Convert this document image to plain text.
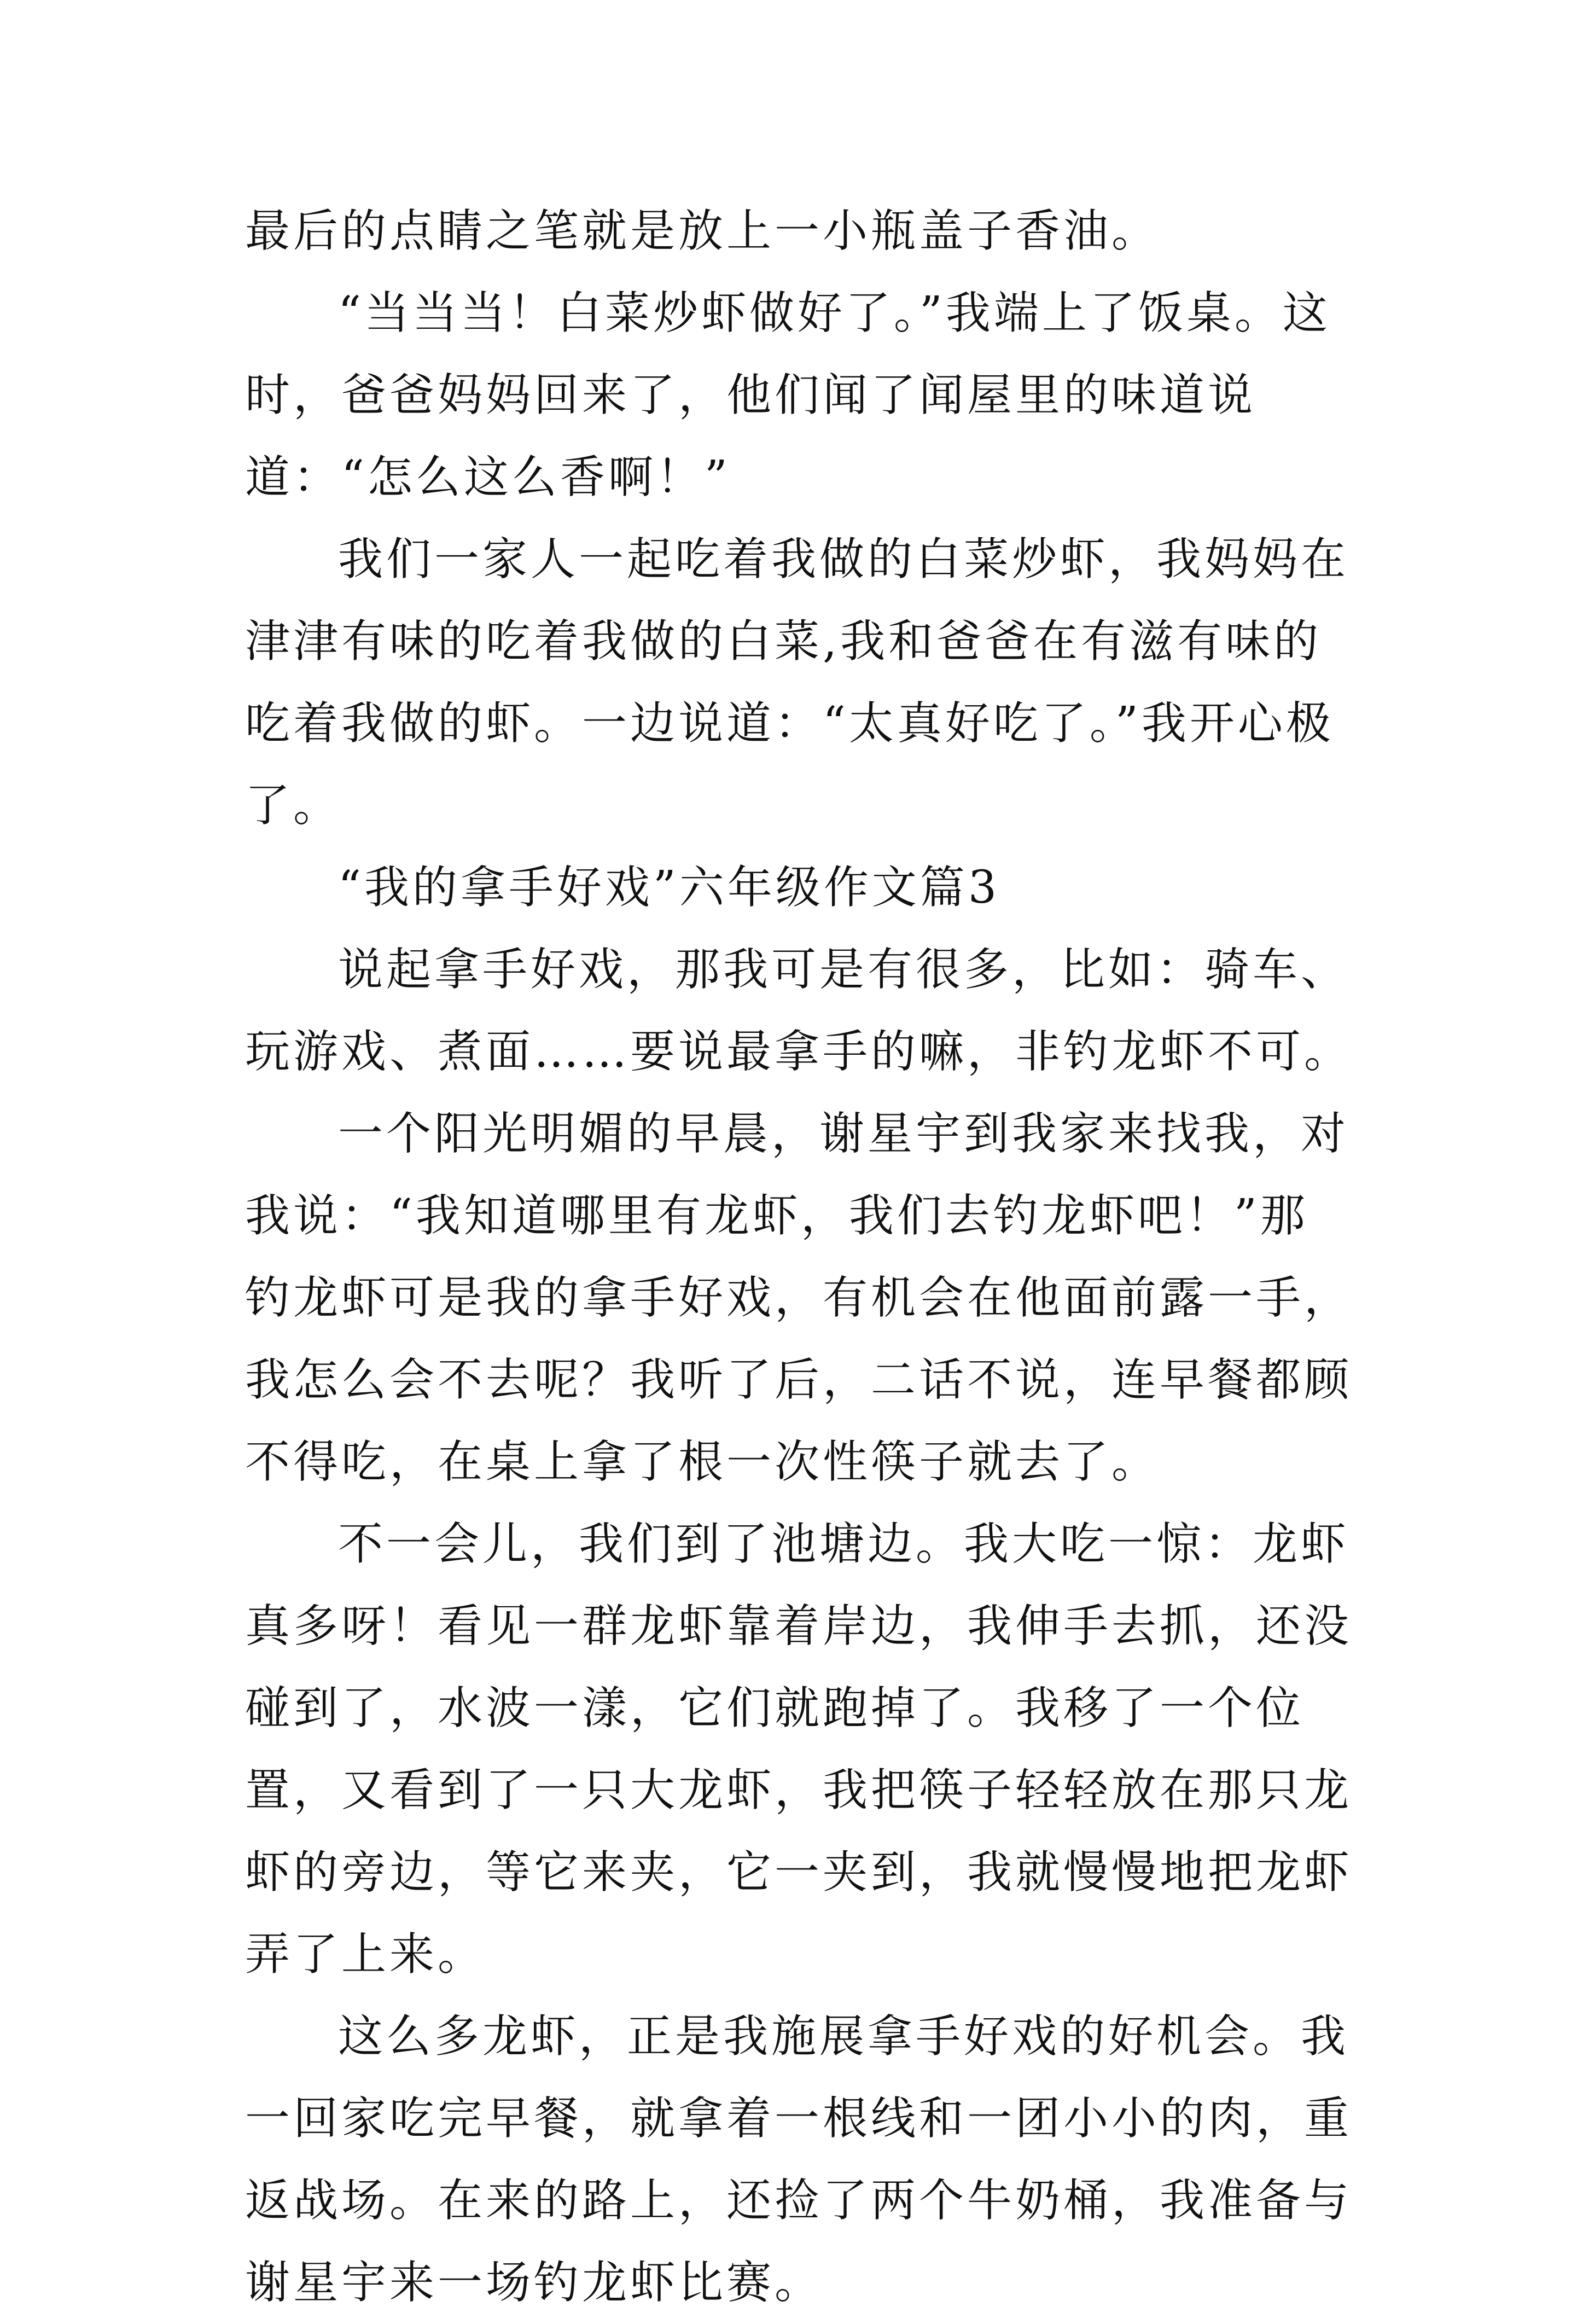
最后的点睛之笔就是放上一小瓶盖子香油。

“当当当！白菜炒虾做好了。”我端上了饭桌。这时，爸爸妈妈回来了，他们闻了闻屋里的味道说道：“怎么这么香啊！”

我们一家人一起吃着我做的白菜炒虾，我妈妈在津津有味的吃着我做的白菜,我和爸爸在有滋有味的吃着我做的虾。一边说道：“太真好吃了。”我开心极了。

“我的拿手好戏”六年级作文篇3

说起拿手好戏，那我可是有很多，比如：骑车、玩游戏、煮面……要说最拿手的嘛，非钓龙虾不可。

一个阳光明媚的早晨，谢星宇到我家来找我，对我说：“我知道哪里有龙虾，我们去钓龙虾吧！”那钓龙虾可是我的拿手好戏，有机会在他面前露一手，我怎么会不去呢？我听了后，二话不说，连早餐都顾不得吃，在桌上拿了根一次性筷子就去了。

不一会儿，我们到了池塘边。我大吃一惊：龙虾真多呀！看见一群龙虾靠着岸边，我伸手去抓，还没碰到了，水波一漾，它们就跑掉了。我移了一个位置，又看到了一只大龙虾，我把筷子轻轻放在那只龙虾的旁边，等它来夹，它一夹到，我就慢慢地把龙虾弄了上来。

这么多龙虾，正是我施展拿手好戏的好机会。我一回家吃完早餐，就拿着一根线和一团小小的肉，重返战场。在来的路上，还捡了两个牛奶桶，我准备与谢星宇来一场钓龙虾比赛。
